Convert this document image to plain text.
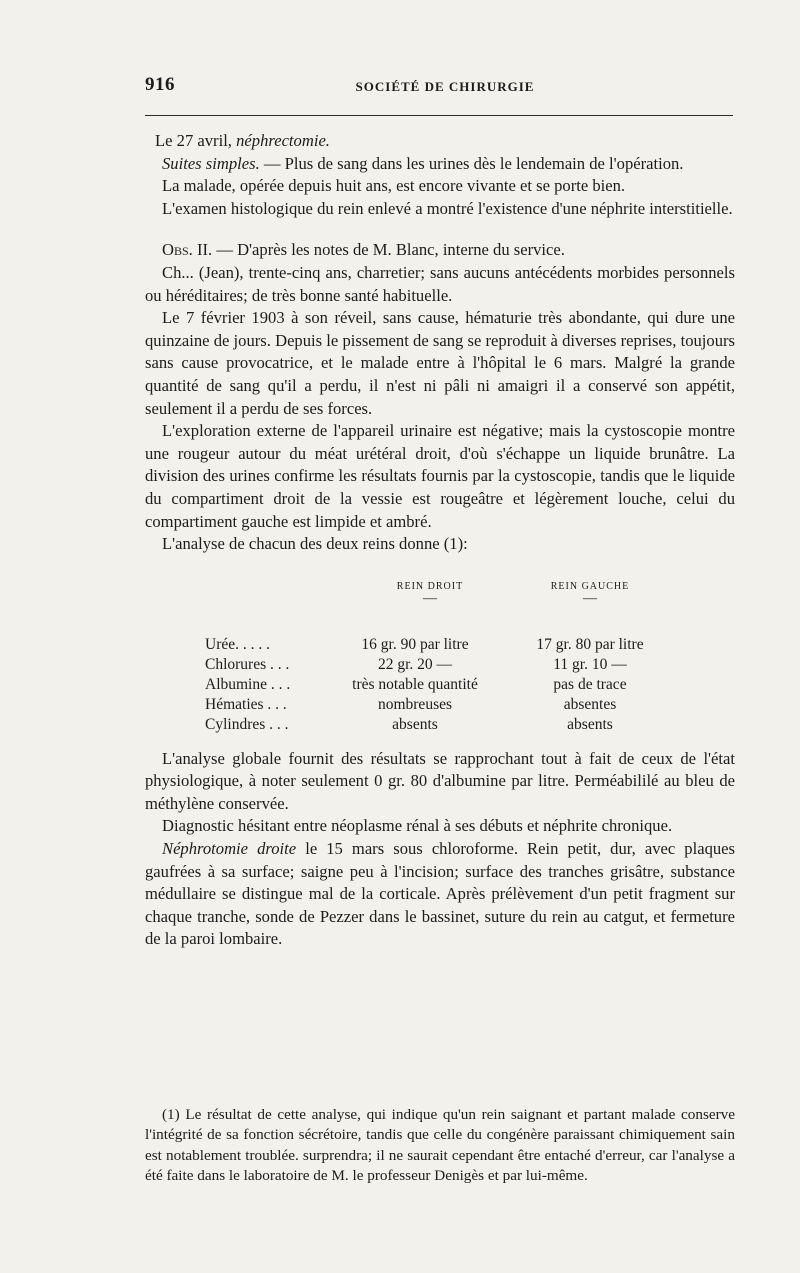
916	SOCIÉTÉ DE CHIRURGIE

Le 27 avril, néphrectomie.

Suites simples. — Plus de sang dans les urines dès le lendemain de l'opération.

La malade, opérée depuis huit ans, est encore vivante et se porte bien.

L'examen histologique du rein enlevé a montré l'existence d'une néphrite interstitielle.

Obs. II. — D'après les notes de M. Blanc, interne du service.

Ch... (Jean), trente-cinq ans, charretier; sans aucuns antécédents morbides personnels ou héréditaires; de très bonne santé habituelle.

Le 7 février 1903 à son réveil, sans cause, hématurie très abondante, qui dure une quinzaine de jours. Depuis le pissement de sang se reproduit à diverses reprises, toujours sans cause provocatrice, et le malade entre à l'hôpital le 6 mars. Malgré la grande quantité de sang qu'il a perdu, il n'est ni pâli ni amaigri il a conservé son appétit, seulement il a perdu de ses forces.

L'exploration externe de l'appareil urinaire est négative; mais la cystoscopie montre une rougeur autour du méat urétéral droit, d'où s'échappe un liquide brunâtre. La division des urines confirme les résultats fournis par la cystoscopie, tandis que le liquide du compartiment droit de la vessie est rougeâtre et légèrement louche, celui du compartiment gauche est limpide et ambré.

L'analyse de chacun des deux reins donne (1):

REIN DROIT	REIN GAUCHE
—	—
Urée. . . . .	16 gr. 90 par litre	17 gr. 80 par litre
Chlorures . . .	22 gr. 20 —	11 gr. 10 —
Albumine . . .	très notable quantité	pas de trace
Hématies . . .	nombreuses	absentes
Cylindres . . .	absents	absents

L'analyse globale fournit des résultats se rapprochant tout à fait de ceux de l'état physiologique, à noter seulement 0 gr. 80 d'albumine par litre. Perméabililé au bleu de méthylène conservée.

Diagnostic hésitant entre néoplasme rénal à ses débuts et néphrite chronique.

Néphrotomie droite le 15 mars sous chloroforme. Rein petit, dur, avec plaques gaufrées à sa surface; saigne peu à l'incision; surface des tranches grisâtre, substance médullaire se distingue mal de la corticale. Après prélèvement d'un petit fragment sur chaque tranche, sonde de Pezzer dans le bassinet, suture du rein au catgut, et fermeture de la paroi lombaire.

(1) Le résultat de cette analyse, qui indique qu'un rein saignant et partant malade conserve l'intégrité de sa fonction sécrétoire, tandis que celle du congénère paraissant chimiquement sain est notablement troublée. surprendra; il ne saurait cependant être entaché d'erreur, car l'analyse a été faite dans le laboratoire de M. le professeur Denigès et par lui-même.
